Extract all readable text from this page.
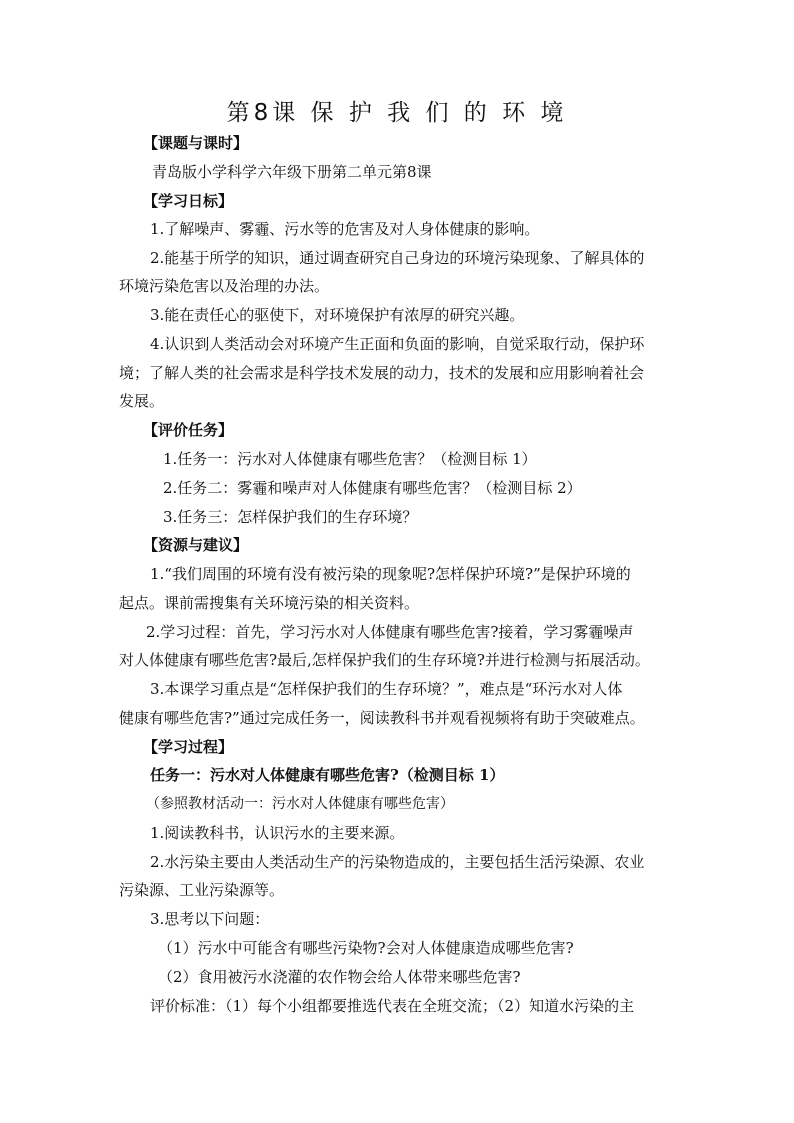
第8课 保 护 我 们 的 环 境
【课题与课时】
青岛版小学科学六年级下册第二单元第8课
【学习日标】
1.了解噪声、雾霾、污水等的危害及对人身体健康的影响。
2.能基于所学的知识，通过调查研究自己身边的环境污染现象、了解具体的
环境污染危害以及治理的办法。
3.能在责任心的驱使下，对环境保护有浓厚的研究兴趣。
4.认识到人类活动会对环境产生正面和负面的影响，自觉采取行动，保护环
境；了解人类的社会需求是科学技术发展的动力，技术的发展和应用影响着社会
发展。
【评价任务】
1.任务一：污水对人体健康有哪些危害？（检测目标 1）
2.任务二：雾霾和噪声对人体健康有哪些危害？（检测目标 2）
3.任务三：怎样保护我们的生存环境？
【资源与建议】
1.“我们周围的环境有没有被污染的现象呢?怎样保护环境?”是保护环境的
起点。课前需搜集有关环境污染的相关资料。
2.学习过程：首先，学习污水对人体健康有哪些危害?接着，学习雾霾噪声
对人体健康有哪些危害?最后,怎样保护我们的生存环境?并进行检测与拓展活动。
3.本课学习重点是“怎样保护我们的生存环境？”，难点是“环污水对人体
健康有哪些危害?”通过完成任务一，阅读教科书并观看视频将有助于突破难点。
【学习过程】
任务一：污水对人体健康有哪些危害?（检测目标 1）
（参照教材活动一：污水对人体健康有哪些危害）
1.阅读教科书，认识污水的主要来源。
2.水污染主要由人类活动生产的污染物造成的，主要包括生活污染源、农业
污染源、工业污染源等。
3.思考以下问题：
（1）污水中可能含有哪些污染物?会对人体健康造成哪些危害?
（2）食用被污水浇灌的农作物会给人体带来哪些危害?
评价标准：（1）每个小组都要推选代表在全班交流；（2）知道水污染的主
